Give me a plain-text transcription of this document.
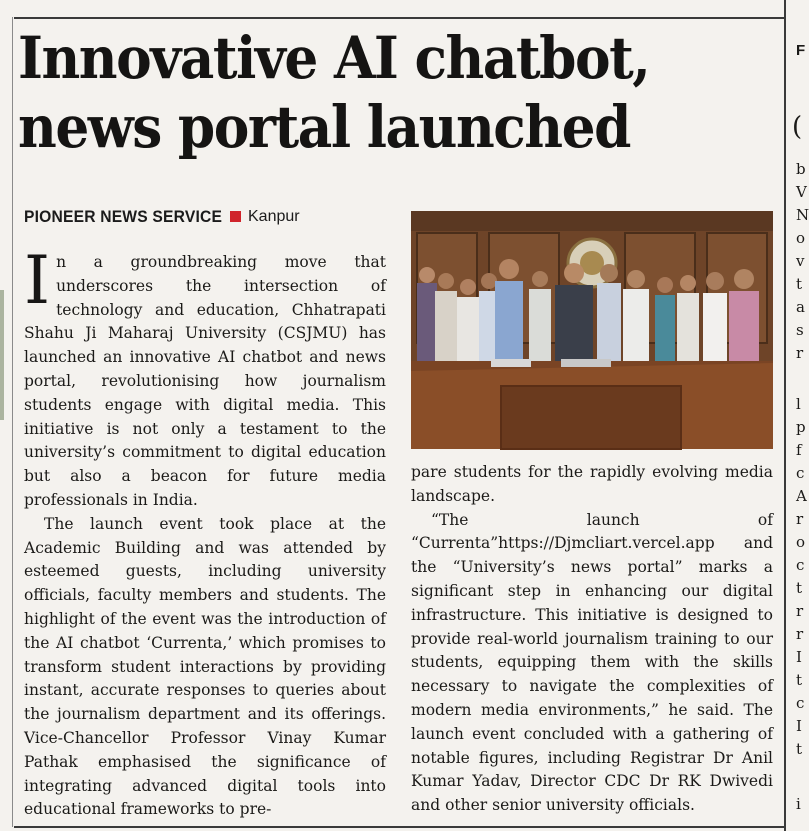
Innovative AI chatbot,
news portal launched
PIONEER NEWS SERVICE Kanpur

In a groundbreaking move that underscores the intersection of technology and education, Chhatrapati Shahu Ji Maharaj University (CSJMU) has launched an innovative AI chatbot and news portal, revolutionising how journalism students engage with digital media. This initiative is not only a testament to the university’s commitment to digital education but also a beacon for future media professionals in India.

The launch event took place at the Academic Building and was attended by esteemed guests, including university officials, faculty members and students. The highlight of the event was the introduction of the AI chatbot ‘Currenta,’ which promises to transform student interactions by providing instant, accurate responses to queries about the journalism department and its offerings. Vice-Chancellor Professor Vinay Kumar Pathak emphasised the significance of integrating advanced digital tools into educational frameworks to pre-

pare students for the rapidly evolving media landscape.

“The launch of “Currenta”https://Djmcliart.vercel.app and the “University’s news portal” marks a significant step in enhancing our digital infrastructure. This initiative is designed to provide real-world journalism training to our students, equipping them with the skills necessary to navigate the complexities of modern media environments,” he said. The launch event concluded with a gathering of notable figures, including Registrar Dr Anil Kumar Yadav, Director CDC Dr RK Dwivedi and other senior university officials.

F
(
b
V
N
o
v
t
a
s
r
l
p
f
c
A
r
o
c
t
r
r
I
t
c
I
t
i
